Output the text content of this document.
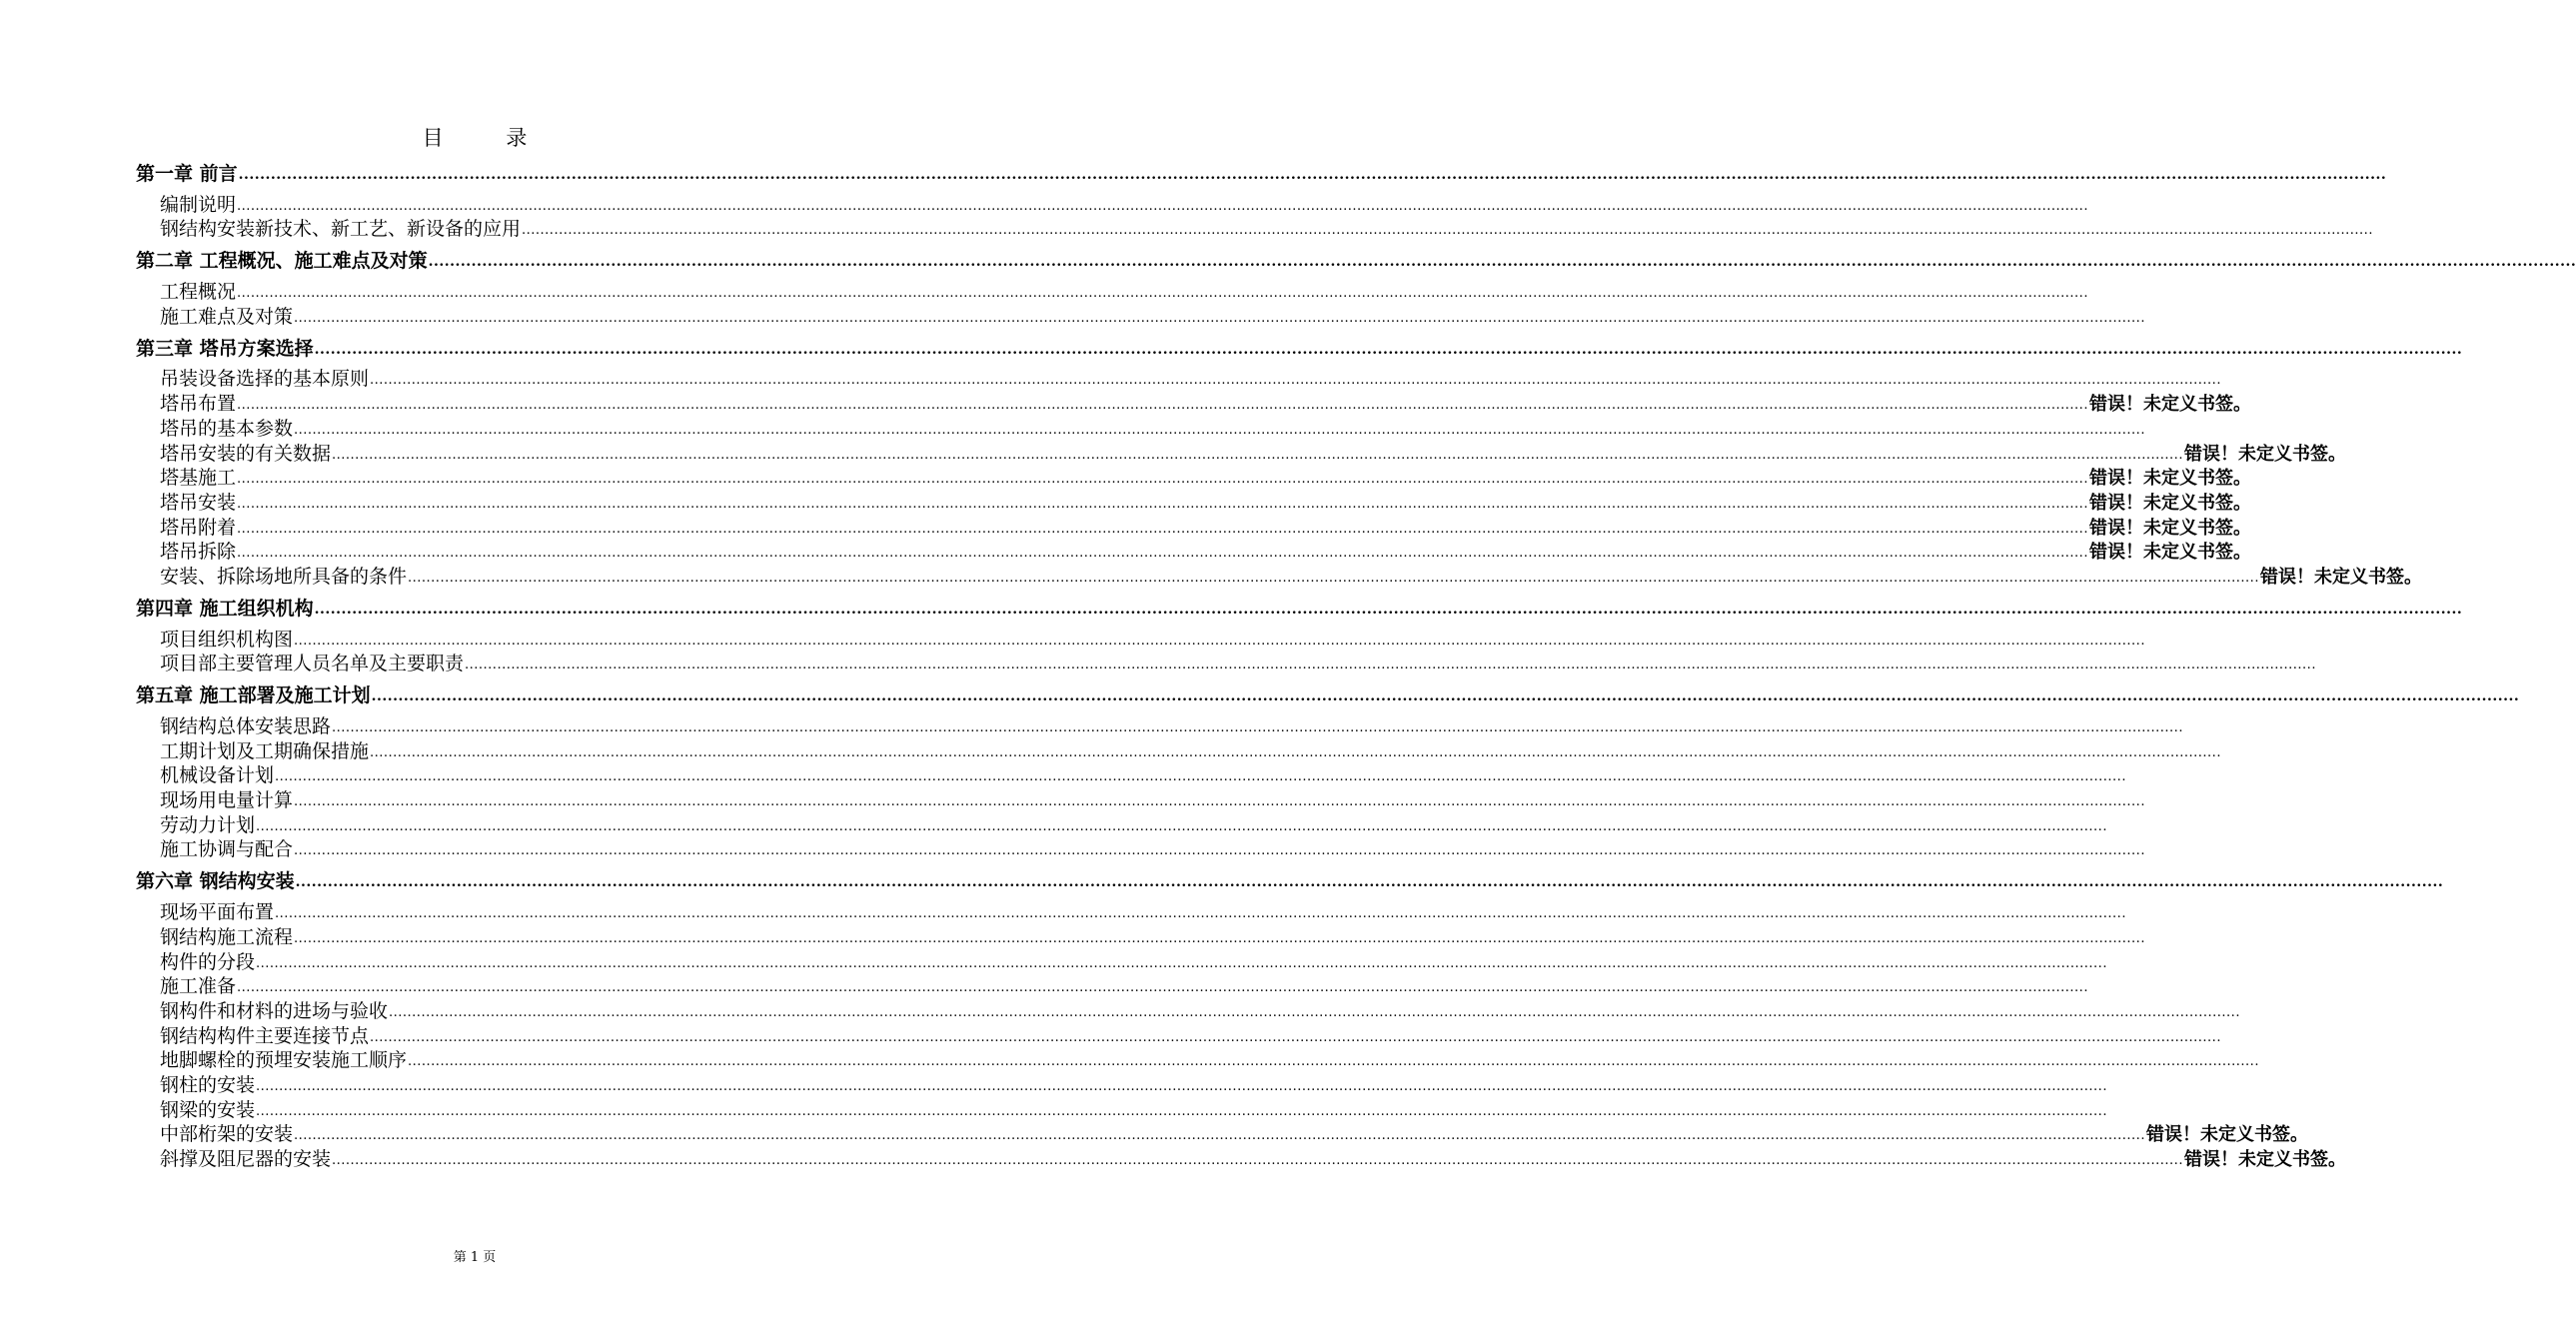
目 录
第一章 前言 ................................................................................................................................................................................................................................................................................................................................................................................................................
编制说明 ................................................................................................................................................................................................................................................................................................................................................................................................................
钢结构安装新技术、新工艺、新设备的应用 ................................................................................................................................................................................................................................................................................................................................................................................................................
第二章 工程概况、施工难点及对策 ................................................................................................................................................................................................................................................................................................................................................................................................................
工程概况 ................................................................................................................................................................................................................................................................................................................................................................................................................
施工难点及对策 ................................................................................................................................................................................................................................................................................................................................................................................................................
第三章 塔吊方案选择 ................................................................................................................................................................................................................................................................................................................................................................................................................
吊装设备选择的基本原则 ................................................................................................................................................................................................................................................................................................................................................................................................................
塔吊布置 ................................................................................................................................................................................................................................................................................................................................................................................................................ 错误！未定义书签。
塔吊的基本参数 ................................................................................................................................................................................................................................................................................................................................................................................................................
塔吊安装的有关数据 ................................................................................................................................................................................................................................................................................................................................................................................................................ 错误！未定义书签。
塔基施工 ................................................................................................................................................................................................................................................................................................................................................................................................................ 错误！未定义书签。
塔吊安装 ................................................................................................................................................................................................................................................................................................................................................................................................................ 错误！未定义书签。
塔吊附着 ................................................................................................................................................................................................................................................................................................................................................................................................................ 错误！未定义书签。
塔吊拆除 ................................................................................................................................................................................................................................................................................................................................................................................................................ 错误！未定义书签。
安装、拆除场地所具备的条件 ................................................................................................................................................................................................................................................................................................................................................................................................................ 错误！未定义书签。
第四章 施工组织机构 ................................................................................................................................................................................................................................................................................................................................................................................................................
项目组织机构图 ................................................................................................................................................................................................................................................................................................................................................................................................................
项目部主要管理人员名单及主要职责 ................................................................................................................................................................................................................................................................................................................................................................................................................
第五章 施工部署及施工计划 ................................................................................................................................................................................................................................................................................................................................................................................................................
钢结构总体安装思路 ................................................................................................................................................................................................................................................................................................................................................................................................................
工期计划及工期确保措施 ................................................................................................................................................................................................................................................................................................................................................................................................................
机械设备计划 ................................................................................................................................................................................................................................................................................................................................................................................................................
现场用电量计算 ................................................................................................................................................................................................................................................................................................................................................................................................................
劳动力计划 ................................................................................................................................................................................................................................................................................................................................................................................................................
施工协调与配合 ................................................................................................................................................................................................................................................................................................................................................................................................................
第六章 钢结构安装 ................................................................................................................................................................................................................................................................................................................................................................................................................
现场平面布置 ................................................................................................................................................................................................................................................................................................................................................................................................................
钢结构施工流程 ................................................................................................................................................................................................................................................................................................................................................................................................................
构件的分段 ................................................................................................................................................................................................................................................................................................................................................................................................................
施工准备 ................................................................................................................................................................................................................................................................................................................................................................................................................
钢构件和材料的进场与验收 ................................................................................................................................................................................................................................................................................................................................................................................................................
钢结构构件主要连接节点 ................................................................................................................................................................................................................................................................................................................................................................................................................
地脚螺栓的预埋安装施工顺序 ................................................................................................................................................................................................................................................................................................................................................................................................................
钢柱的安装 ................................................................................................................................................................................................................................................................................................................................................................................................................
钢梁的安装 ................................................................................................................................................................................................................................................................................................................................................................................................................
中部桁架的安装 ................................................................................................................................................................................................................................................................................................................................................................................................................ 错误！未定义书签。
斜撑及阻尼器的安装 ................................................................................................................................................................................................................................................................................................................................................................................................................ 错误！未定义书签。
第 1 页
